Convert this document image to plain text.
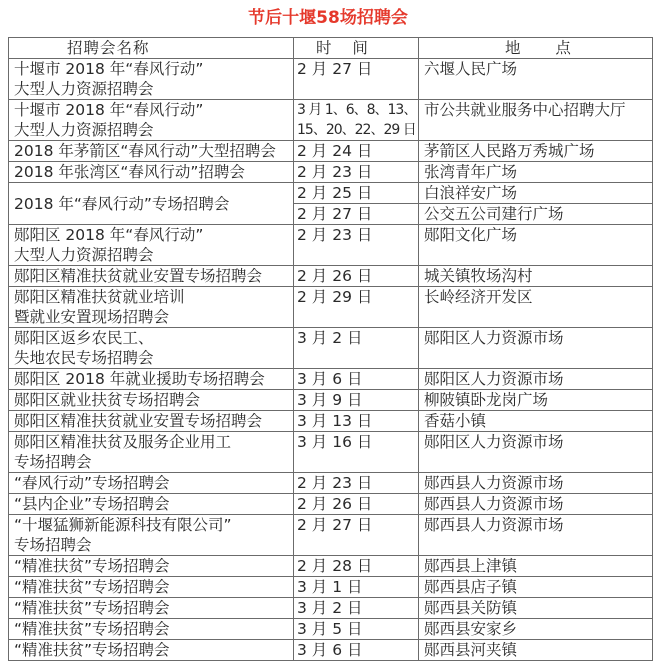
节后十堰58场招聘会
招聘会名称	时 间	地 点
十堰市 2018 年“春风行动”
大型人力资源招聘会	2 月 27 日	六堰人民广场
十堰市 2018 年“春风行动”
大型人力资源招聘会	3 月 1、6、8、13、
15、20、22、29 日	市公共就业服务中心招聘大厅
2018 年茅箭区“春风行动”大型招聘会	2 月 24 日	茅箭区人民路万秀城广场
2018 年张湾区“春风行动”招聘会	2 月 23 日	张湾青年广场
2018 年“春风行动”专场招聘会	2 月 25 日	白浪祥安广场
	2 月 27 日	公交五公司建行广场
郧阳区 2018 年“春风行动”
大型人力资源招聘会	2 月 23 日	郧阳文化广场
郧阳区精准扶贫就业安置专场招聘会	2 月 26 日	城关镇牧场沟村
郧阳区精准扶贫就业培训
暨就业安置现场招聘会	2 月 29 日	长岭经济开发区
郧阳区返乡农民工、
失地农民专场招聘会	3 月 2 日	郧阳区人力资源市场
郧阳区 2018 年就业援助专场招聘会	3 月 6 日	郧阳区人力资源市场
郧阳区就业扶贫专场招聘会	3 月 9 日	柳陂镇卧龙岗广场
郧阳区精准扶贫就业安置专场招聘会	3 月 13 日	香菇小镇
郧阳区精准扶贫及服务企业用工
专场招聘会	3 月 16 日	郧阳区人力资源市场
“春风行动”专场招聘会	2 月 23 日	郧西县人力资源市场
“县内企业”专场招聘会	2 月 26 日	郧西县人力资源市场
“十堰猛狮新能源科技有限公司”
专场招聘会	2 月 27 日	郧西县人力资源市场
“精准扶贫”专场招聘会	2 月 28 日	郧西县上津镇
“精准扶贫”专场招聘会	3 月 1 日	郧西县店子镇
“精准扶贫”专场招聘会	3 月 2 日	郧西县关防镇
“精准扶贫”专场招聘会	3 月 5 日	郧西县安家乡
“精准扶贫”专场招聘会	3 月 6 日	郧西县河夹镇
